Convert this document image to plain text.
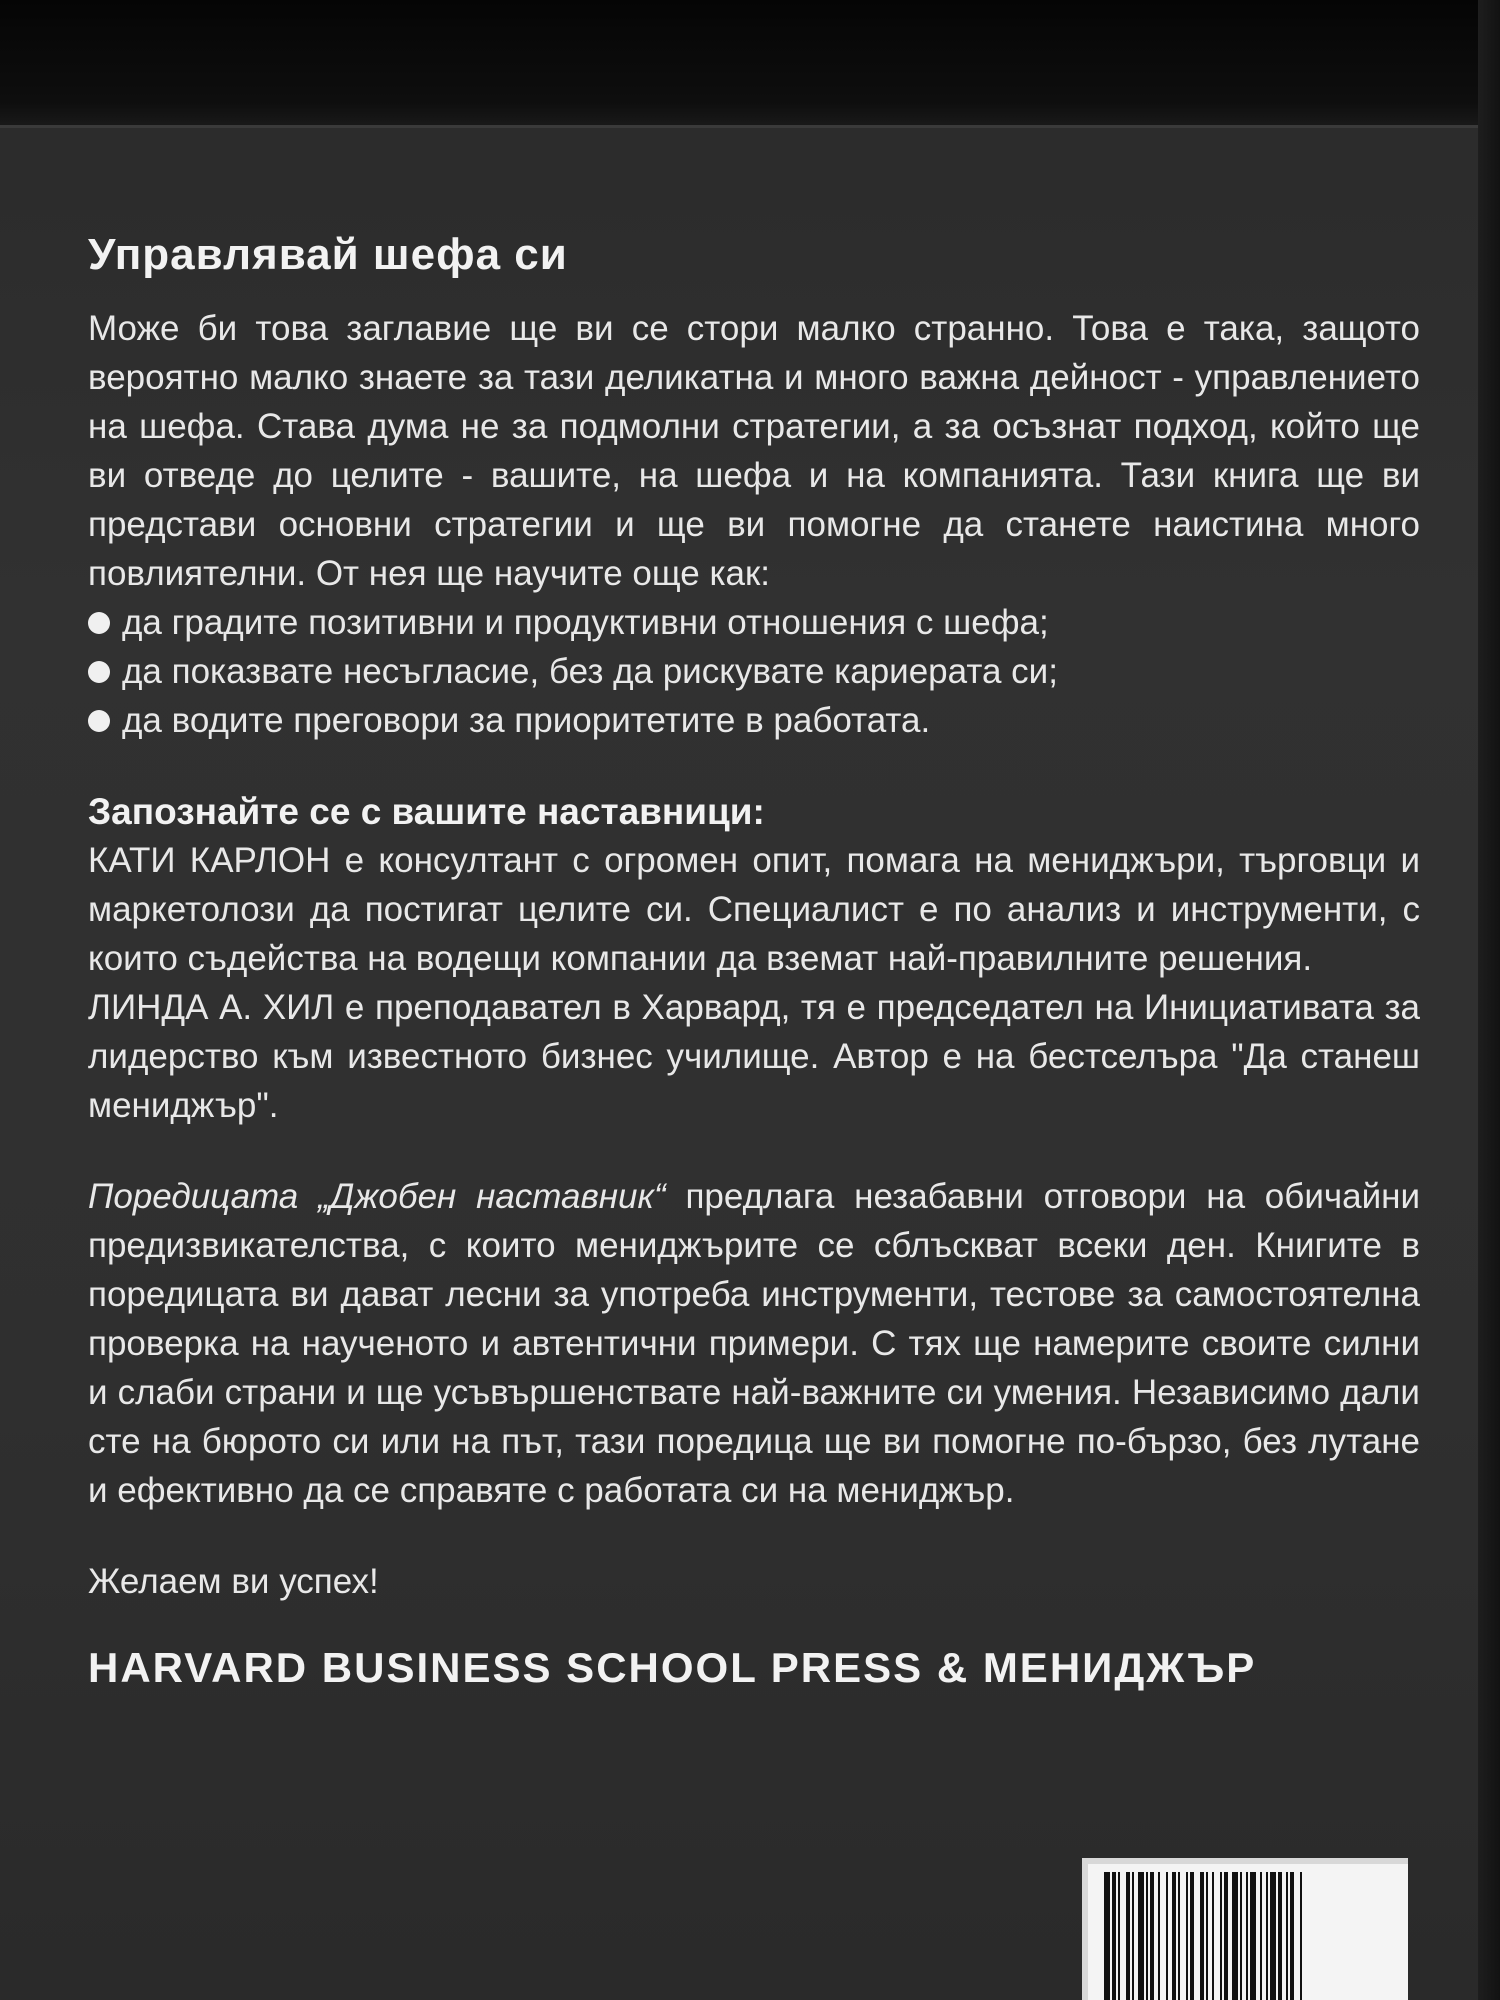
Управлявай шефа си

Може би това заглавие ще ви се стори малко странно. Това е така, защото вероятно малко знаете за тази деликатна и много важна дейност - управлението на шефа. Става дума не за подмолни стратегии, а за осъзнат подход, който ще ви отведе до целите - вашите, на шефа и на компанията. Тази книга ще ви представи основни стратегии и ще ви помогне да станете наистина много повлиятелни. От нея ще научите още как:

да градите позитивни и продуктивни отношения с шефа;
да показвате несъгласие, без да рискувате кариерата си;
да водите преговори за приоритетите в работата.
Запознайте се с вашите наставници:

КАТИ КАРЛОН е консултант с огромен опит, помага на мениджъри, търговци и маркетолози да постигат целите си. Специалист е по анализ и инструменти, с които съдейства на водещи компании да вземат най-правилните решения.

ЛИНДА А. ХИЛ е преподавател в Харвард, тя е председател на Инициативата за лидерство към известното бизнес училище. Автор е на бестселъра "Да станеш мениджър".

Поредицата „Джобен наставник“ предлага незабавни отговори на обичайни предизвикателства, с които мениджърите се сблъскват всеки ден. Книгите в поредицата ви дават лесни за употреба инструменти, тестове за самостоятелна проверка на наученото и автентични примери. С тях ще намерите своите силни и слаби страни и ще усъвършенствате най-важните си умения. Независимо дали сте на бюрото си или на път, тази поредица ще ви помогне по-бързо, без лутане и ефективно да се справяте с работата си на мениджър.

Желаем ви успех!

HARVARD BUSINESS SCHOOL PRESS & МЕНИДЖЪР
